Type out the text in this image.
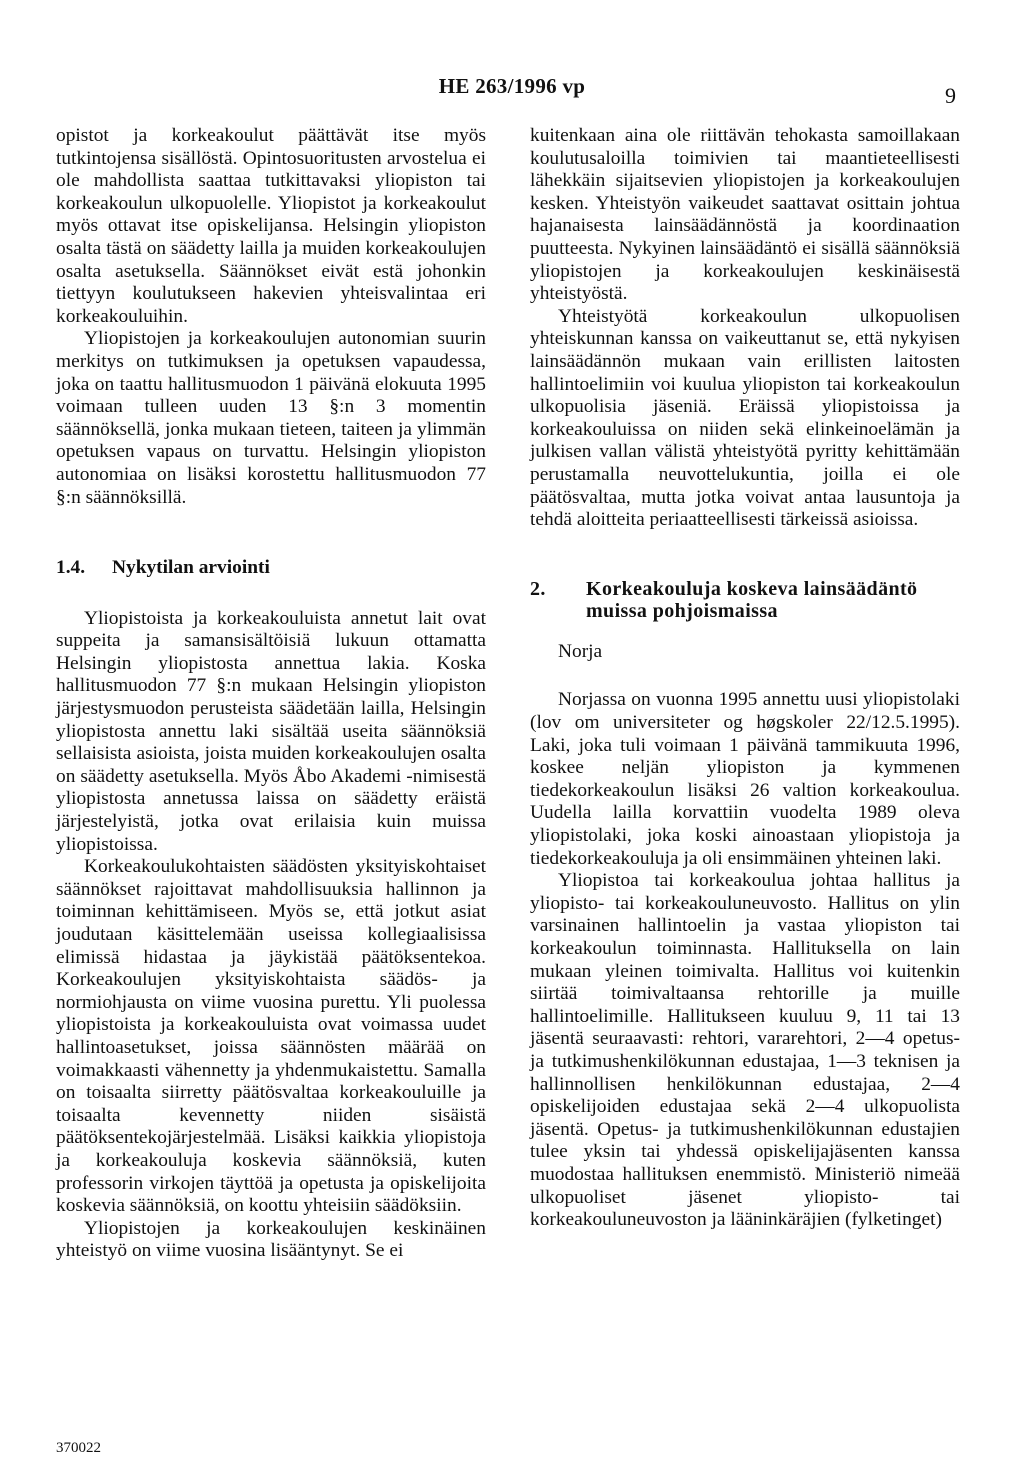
HE 263/1996 vp	9

opistot ja korkeakoulut päättävät itse myös tutkintojensa sisällöstä. Opintosuoritusten arvostelua ei ole mahdollista saattaa tutkittavaksi yliopiston tai korkeakoulun ulkopuolelle. Yliopistot ja korkeakoulut myös ottavat itse opiskelijansa. Helsingin yliopiston osalta tästä on säädetty lailla ja muiden korkeakoulujen osalta asetuksella. Säännökset eivät estä johonkin tiettyyn koulutukseen hakevien yhteisvalintaa eri korkeakouluihin.

Yliopistojen ja korkeakoulujen autonomian suurin merkitys on tutkimuksen ja opetuksen vapaudessa, joka on taattu hallitusmuodon 1 päivänä elokuuta 1995 voimaan tulleen uuden 13 §:n 3 momentin säännöksellä, jonka mukaan tieteen, taiteen ja ylimmän opetuksen vapaus on turvattu. Helsingin yliopiston autonomiaa on lisäksi korostettu hallitusmuodon 77 §:n säännöksillä.

1.4.	Nykytilan arviointi

Yliopistoista ja korkeakouluista annetut lait ovat suppeita ja samansisältöisiä lukuun ottamatta Helsingin yliopistosta annettua lakia. Koska hallitusmuodon 77 §:n mukaan Helsingin yliopiston järjestysmuodon perusteista säädetään lailla, Helsingin yliopistosta annettu laki sisältää useita säännöksiä sellaisista asioista, joista muiden korkeakoulujen osalta on säädetty asetuksella. Myös Åbo Akademi -nimisestä yliopistosta annetussa laissa on säädetty eräistä järjestelyistä, jotka ovat erilaisia kuin muissa yliopistoissa.

Korkeakoulukohtaisten säädösten yksityiskohtaiset säännökset rajoittavat mahdollisuuksia hallinnon ja toiminnan kehittämiseen. Myös se, että jotkut asiat joudutaan käsittelemään useissa kollegiaalisissa elimissä hidastaa ja jäykistää päätöksentekoa. Korkeakoulujen yksityiskohtaista säädös- ja normiohjausta on viime vuosina purettu. Yli puolessa yliopistoista ja korkeakouluista ovat voimassa uudet hallintoasetukset, joissa säännösten määrää on voimakkaasti vähennetty ja yhdenmukaistettu. Samalla on toisaalta siirretty päätösvaltaa korkeakouluille ja toisaalta kevennetty niiden sisäistä päätöksentekojärjestelmää. Lisäksi kaikkia yliopistoja ja korkeakouluja koskevia säännöksiä, kuten professorin virkojen täyttöä ja opetusta ja opiskelijoita koskevia säännöksiä, on koottu yhteisiin säädöksiin.

Yliopistojen ja korkeakoulujen keskinäinen yhteistyö on viime vuosina lisääntynyt. Se ei

kuitenkaan aina ole riittävän tehokasta samoillakaan koulutusaloilla toimivien tai maantieteellisesti lähekkäin sijaitsevien yliopistojen ja korkeakoulujen kesken. Yhteistyön vaikeudet saattavat osittain johtua hajanaisesta lainsäädännöstä ja koordinaation puutteesta. Nykyinen lainsäädäntö ei sisällä säännöksiä yliopistojen ja korkeakoulujen keskinäisestä yhteistyöstä.

Yhteistyötä korkeakoulun ulkopuolisen yhteiskunnan kanssa on vaikeuttanut se, että nykyisen lainsäädännön mukaan vain erillisten laitosten hallintoelimiin voi kuulua yliopiston tai korkeakoulun ulkopuolisia jäseniä. Eräissä yliopistoissa ja korkeakouluissa on niiden sekä elinkeinoelämän ja julkisen vallan välistä yhteistyötä pyritty kehittämään perustamalla neuvottelukuntia, joilla ei ole päätösvaltaa, mutta jotka voivat antaa lausuntoja ja tehdä aloitteita periaatteellisesti tärkeissä asioissa.

2.	Korkeakouluja koskeva lainsäädäntö muissa pohjoismaissa

Norja

Norjassa on vuonna 1995 annettu uusi yliopistolaki (lov om universiteter og høgskoler 22/12.5.1995). Laki, joka tuli voimaan 1 päivänä tammikuuta 1996, koskee neljän yliopiston ja kymmenen tiedekorkeakoulun lisäksi 26 valtion korkeakoulua. Uudella lailla korvattiin vuodelta 1989 oleva yliopistolaki, joka koski ainoastaan yliopistoja ja tiedekorkeakouluja ja oli ensimmäinen yhteinen laki.

Yliopistoa tai korkeakoulua johtaa hallitus ja yliopisto- tai korkeakouluneuvosto. Hallitus on ylin varsinainen hallintoelin ja vastaa yliopiston tai korkeakoulun toiminnasta. Hallituksella on lain mukaan yleinen toimivalta. Hallitus voi kuitenkin siirtää toimivaltaansa rehtorille ja muille hallintoelimille. Hallitukseen kuuluu 9, 11 tai 13 jäsentä seuraavasti: rehtori, vararehtori, 2—4 opetus- ja tutkimushenkilökunnan edustajaa, 1—3 teknisen ja hallinnollisen henkilökunnan edustajaa, 2—4 opiskelijoiden edustajaa sekä 2—4 ulkopuolista jäsentä. Opetus- ja tutkimushenkilökunnan edustajien tulee yksin tai yhdessä opiskelijajäsenten kanssa muodostaa hallituksen enemmistö. Ministeriö nimeää ulkopuoliset jäsenet yliopisto- tai korkeakouluneuvoston ja lääninkäräjien (fylketinget)

370022
